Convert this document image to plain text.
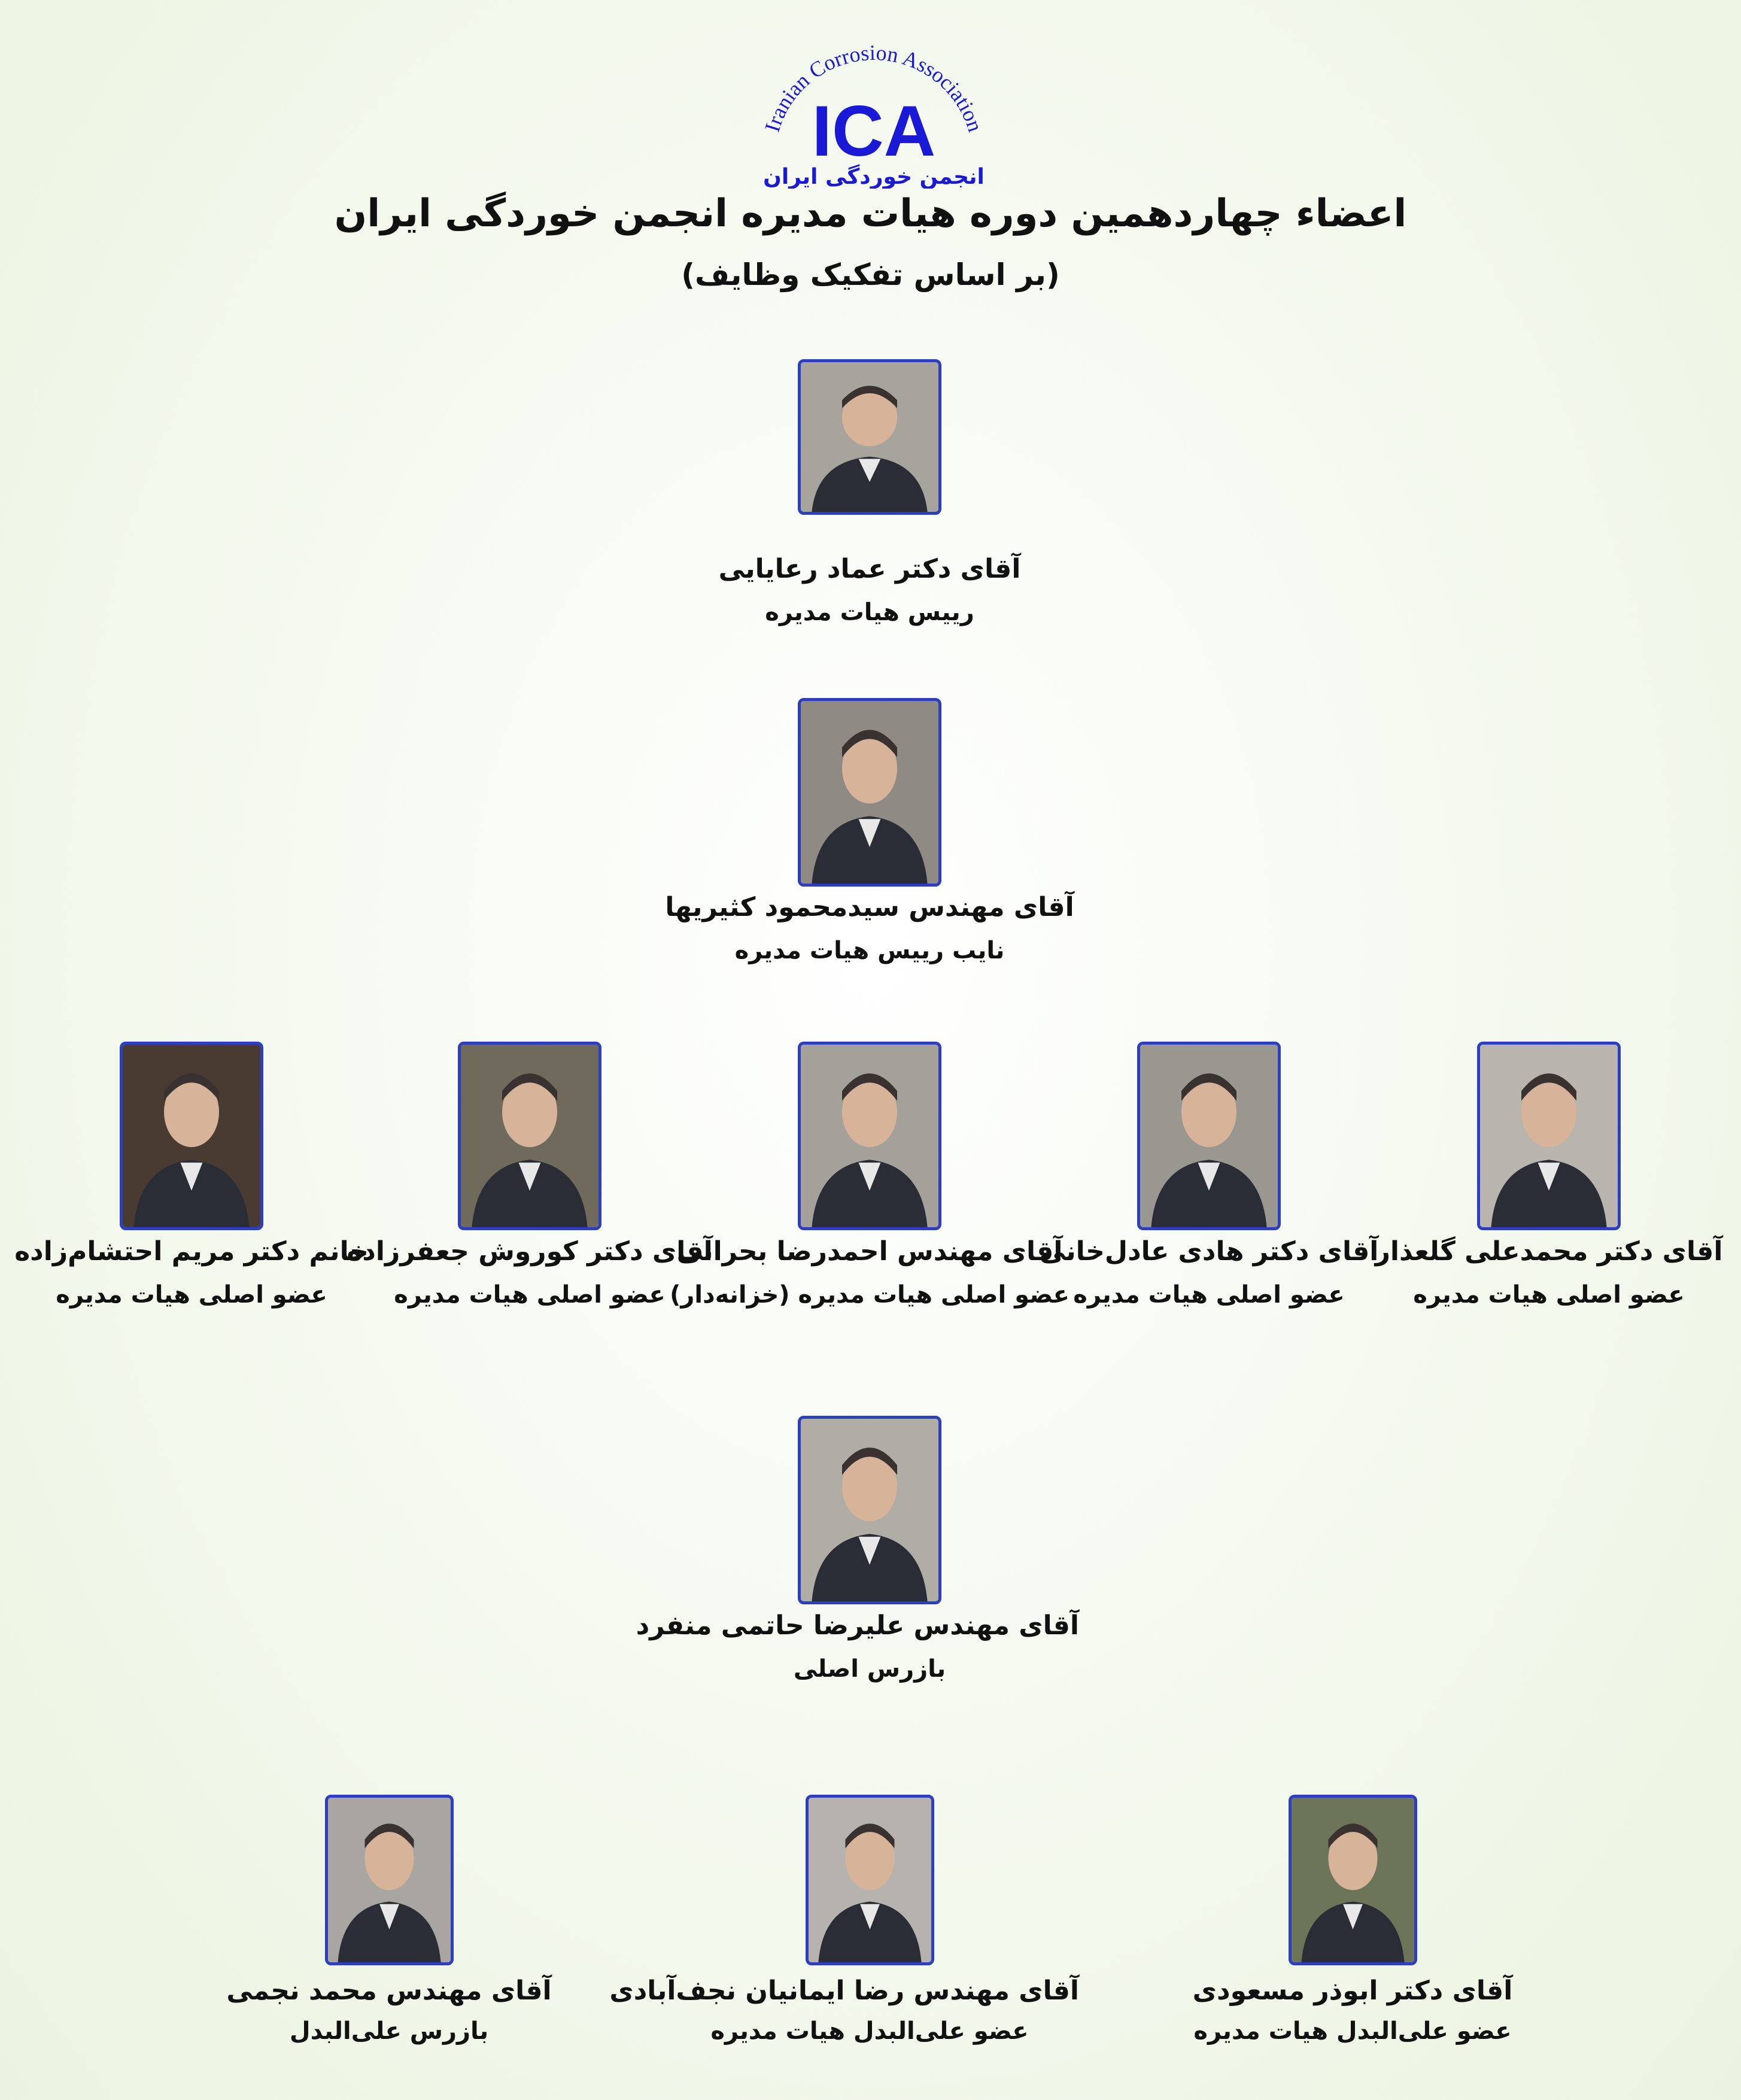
Iranian Corrosion Association
ICA
انجمن خوردگی ایران
اعضاء چهاردهمین دوره هیات مدیره انجمن خوردگی ایران
(بر اساس تفکیک وظایف)
آقای دکتر عماد رعایایی
رییس هیات مدیره
آقای مهندس سیدمحمود کثیریها
نایب رییس هیات مدیره
آقای دکتر محمدعلی گلعذار
عضو اصلی هیات مدیره
آقای دکتر هادی عادل‌خانی
عضو اصلی هیات مدیره
آقای مهندس احمدرضا بحرانی
عضو اصلی هیات مدیره (خزانه‌دار)
آقای دکتر کوروش جعفرزاده
عضو اصلی هیات مدیره
خانم دکتر مریم احتشام‌زاده
عضو اصلی هیات مدیره
آقای مهندس علیرضا حاتمی منفرد
بازرس اصلی
آقای دکتر ابوذر مسعودی
عضو علی‌البدل هیات مدیره
آقای مهندس رضا ایمانیان نجف‌آبادی
عضو علی‌البدل هیات مدیره
آقای مهندس محمد نجمی
بازرس علی‌البدل
